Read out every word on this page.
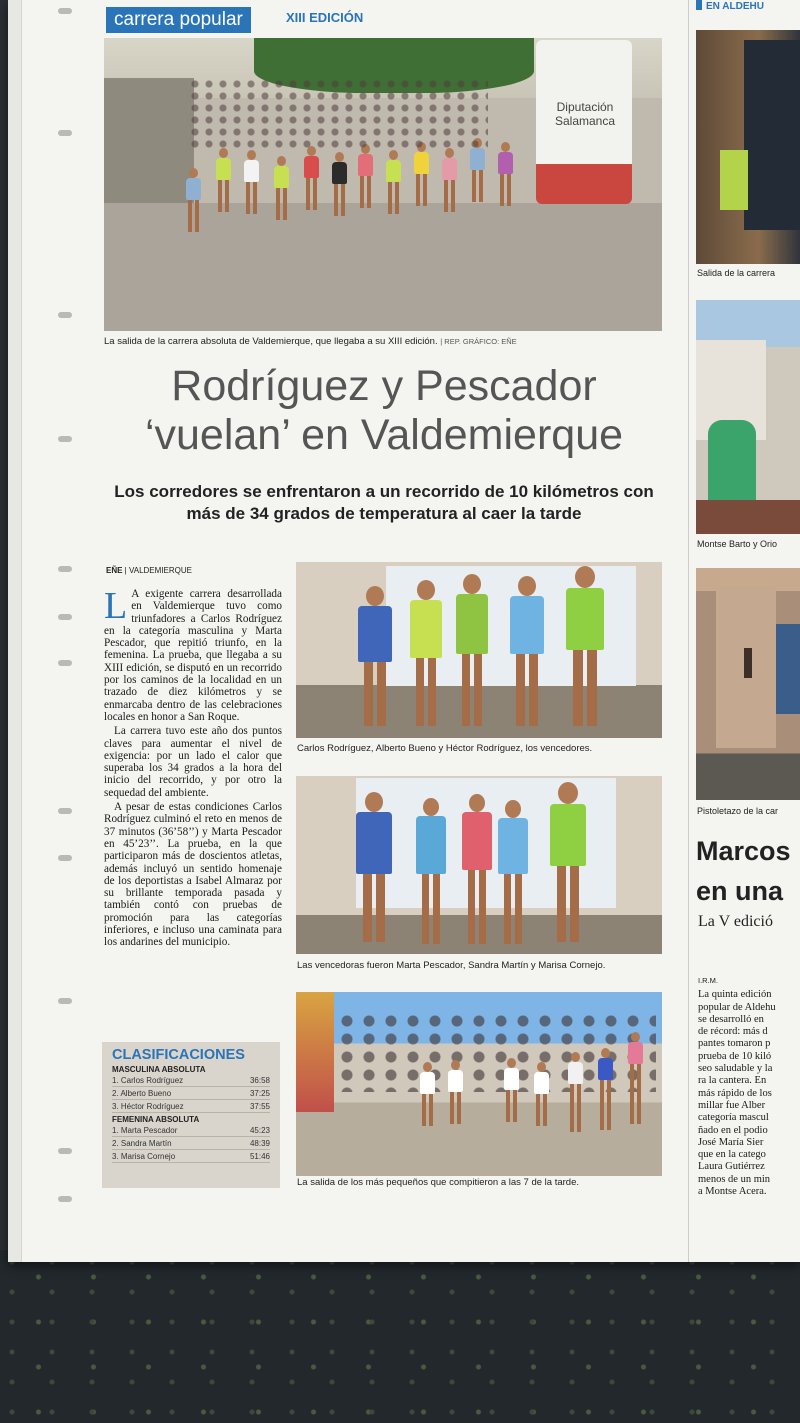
carrera popular	XIII EDICIÓN
Diputación Salamanca
La salida de la carrera absoluta de Valdemierque, que llegaba a su XIII edición. | REP. GRÁFICO: EÑE
Rodríguez y Pescador
‘vuelan’ en Valdemierque
Los corredores se enfrentaron a un recorrido de 10 kilómetros con más de 34 grados de temperatura al caer la tarde
EÑE | VALDEMIERQUE

L A exigente carrera desarrollada en Valdemierque tuvo como triunfadores a Carlos Rodríguez en la categoría masculina y Marta Pescador, que repitió triunfo, en la femenina. La prueba, que llegaba a su XIII edición, se disputó en un recorrido por los caminos de la localidad en un trazado de diez kilómetros y se enmarcaba dentro de las celebraciones locales en honor a San Roque.

La carrera tuvo este año dos puntos claves para aumentar el nivel de exigencia: por un lado el calor que superaba los 34 grados a la hora del inicio del recorrido, y por otro la sequedad del ambiente.

A pesar de estas condiciones Carlos Rodríguez culminó el reto en menos de 37 minutos (36’58’’) y Marta Pescador en 45’23’’. La prueba, en la que participaron más de doscientos atletas, además incluyó un sentido homenaje de los deportistas a Isabel Almaraz por su brillante temporada pasada y también contó con pruebas de promoción para las categorías inferiores, e incluso una caminata para los andarines del municipio.

CLASIFICACIONES
MASCULINA ABSOLUTA
1. Carlos Rodríguez	36:58
2. Alberto Bueno	37:25
3. Héctor Rodríguez	37:55
FEMENINA ABSOLUTA
1. Marta Pescador	45:23
2. Sandra Martín	48:39
3. Marisa Cornejo	51:46
Carlos Rodríguez, Alberto Bueno y Héctor Rodríguez, los vencedores.
Las vencedoras fueron Marta Pescador, Sandra Martín y Marisa Cornejo.
La salida de los más pequeños que compitieron a las 7 de la tarde.
EN ALDEHU
Salida de la carrera
Montse Barto y Orio
Pistoletazo de la car
Marcos
en una
La V edició
I.R.M.
La quinta edición
popular de Aldehu
se desarrolló en
de récord: más d
pantes tomaron p
prueba de 10 kiló
seo saludable y la
ra la cantera. En
más rápido de los
millar fue Alber
categoría mascul
ñado en el podio
José María Sier
que en la catego
Laura Gutiérrez
menos de un min
a Montse Acera.
